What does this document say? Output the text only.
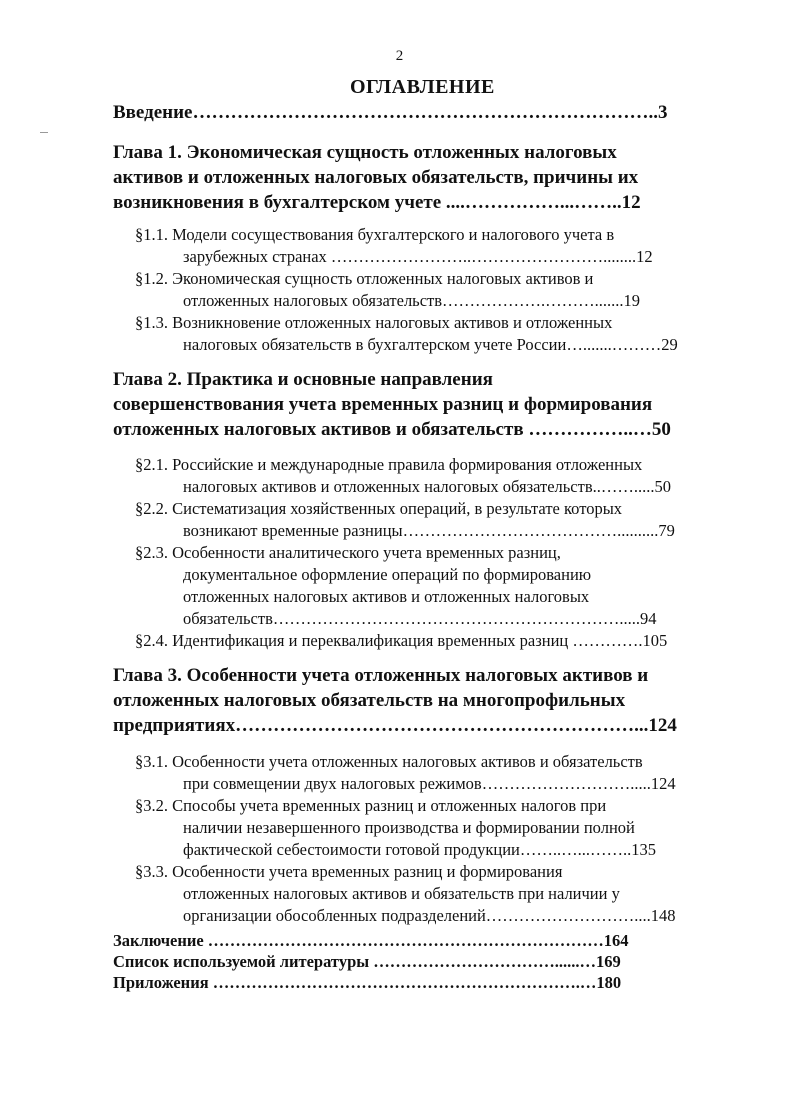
2
ОГЛАВЛЕНИЕ
Введение………………………………………………………………..3
Глава 1. Экономическая сущность отложенных налоговых
активов и отложенных налоговых обязательств, причины их
возникновения в бухгалтерском учете ....……………...……..12
§1.1. Модели сосуществования бухгалтерского и налогового учета в
зарубежных странах ……………………..……………………........12
§1.2. Экономическая сущность отложенных налоговых активов и
отложенных налоговых обязательств……………….……….......19
§1.3. Возникновение отложенных налоговых активов и отложенных
налоговых обязательств в бухгалтерском учете России….......………29
Глава 2. Практика и основные направления
совершенствования учета временных разниц и формирования
отложенных налоговых активов и обязательств ……………..…50
§2.1. Российские и международные правила формирования отложенных
налоговых активов и отложенных налоговых обязательств..…….....50
§2.2. Систематизация хозяйственных операций, в результате которых
возникают временные разницы…………………………………..........79
§2.3. Особенности аналитического учета временных разниц,
документальное оформление операций по формированию
отложенных налоговых активов и отложенных налоговых
обязательств……………………………………………………….....94
§2.4. Идентификация и переквалификация временных разниц ………….105
Глава 3. Особенности учета отложенных налоговых активов и
отложенных налоговых обязательств на многопрофильных
предприятиях………………………………………………………...124
§3.1. Особенности учета отложенных налоговых активов и обязательств
при совмещении двух налоговых режимов……………………….....124
§3.2. Способы учета временных разниц и отложенных налогов при
наличии незавершенного производства и формировании полной
фактической себестоимости готовой продукции……..…...……..135
§3.3. Особенности учета временных разниц и формирования
отложенных налоговых активов и обязательств при наличии у
организации обособленных подразделений………………………....148
Заключение ………………………………………………………………164
Список используемой литературы ……………………………......…169
Приложения ………………………………………………………….…180
